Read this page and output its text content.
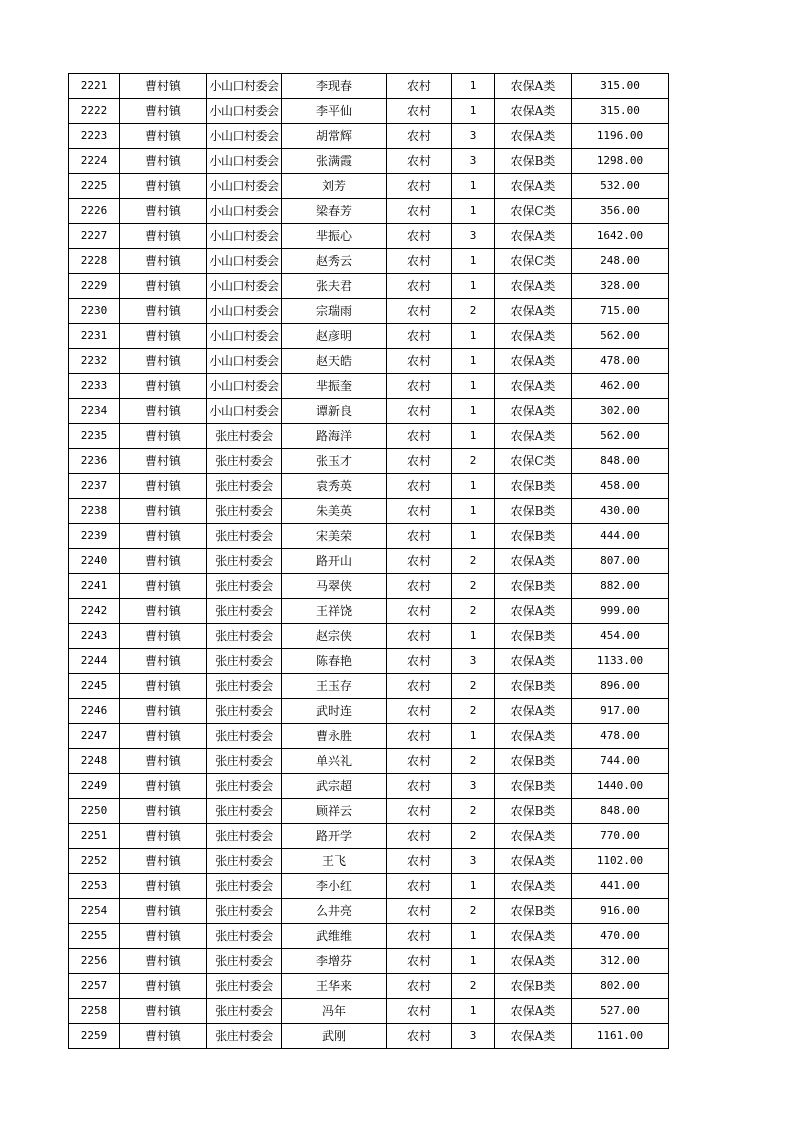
2221	曹村镇	小山口村委会	李现春	农村	1	农保A类	315.00
2222	曹村镇	小山口村委会	李平仙	农村	1	农保A类	315.00
2223	曹村镇	小山口村委会	胡常辉	农村	3	农保A类	1196.00
2224	曹村镇	小山口村委会	张满霞	农村	3	农保B类	1298.00
2225	曹村镇	小山口村委会	刘芳	农村	1	农保A类	532.00
2226	曹村镇	小山口村委会	梁春芳	农村	1	农保C类	356.00
2227	曹村镇	小山口村委会	芈振心	农村	3	农保A类	1642.00
2228	曹村镇	小山口村委会	赵秀云	农村	1	农保C类	248.00
2229	曹村镇	小山口村委会	张夫君	农村	1	农保A类	328.00
2230	曹村镇	小山口村委会	宗瑞雨	农村	2	农保A类	715.00
2231	曹村镇	小山口村委会	赵彦明	农村	1	农保A类	562.00
2232	曹村镇	小山口村委会	赵天皓	农村	1	农保A类	478.00
2233	曹村镇	小山口村委会	芈振奎	农村	1	农保A类	462.00
2234	曹村镇	小山口村委会	谭新良	农村	1	农保A类	302.00
2235	曹村镇	张庄村委会	路海洋	农村	1	农保A类	562.00
2236	曹村镇	张庄村委会	张玉才	农村	2	农保C类	848.00
2237	曹村镇	张庄村委会	袁秀英	农村	1	农保B类	458.00
2238	曹村镇	张庄村委会	朱美英	农村	1	农保B类	430.00
2239	曹村镇	张庄村委会	宋美荣	农村	1	农保B类	444.00
2240	曹村镇	张庄村委会	路开山	农村	2	农保A类	807.00
2241	曹村镇	张庄村委会	马翠侠	农村	2	农保B类	882.00
2242	曹村镇	张庄村委会	王祥饶	农村	2	农保A类	999.00
2243	曹村镇	张庄村委会	赵宗侠	农村	1	农保B类	454.00
2244	曹村镇	张庄村委会	陈春艳	农村	3	农保A类	1133.00
2245	曹村镇	张庄村委会	王玉存	农村	2	农保B类	896.00
2246	曹村镇	张庄村委会	武时连	农村	2	农保A类	917.00
2247	曹村镇	张庄村委会	曹永胜	农村	1	农保A类	478.00
2248	曹村镇	张庄村委会	单兴礼	农村	2	农保B类	744.00
2249	曹村镇	张庄村委会	武宗超	农村	3	农保B类	1440.00
2250	曹村镇	张庄村委会	顾祥云	农村	2	农保B类	848.00
2251	曹村镇	张庄村委会	路开学	农村	2	农保A类	770.00
2252	曹村镇	张庄村委会	王飞	农村	3	农保A类	1102.00
2253	曹村镇	张庄村委会	李小红	农村	1	农保A类	441.00
2254	曹村镇	张庄村委会	么井亮	农村	2	农保B类	916.00
2255	曹村镇	张庄村委会	武维维	农村	1	农保A类	470.00
2256	曹村镇	张庄村委会	李增芬	农村	1	农保A类	312.00
2257	曹村镇	张庄村委会	王华来	农村	2	农保B类	802.00
2258	曹村镇	张庄村委会	冯年	农村	1	农保A类	527.00
2259	曹村镇	张庄村委会	武刚	农村	3	农保A类	1161.00
